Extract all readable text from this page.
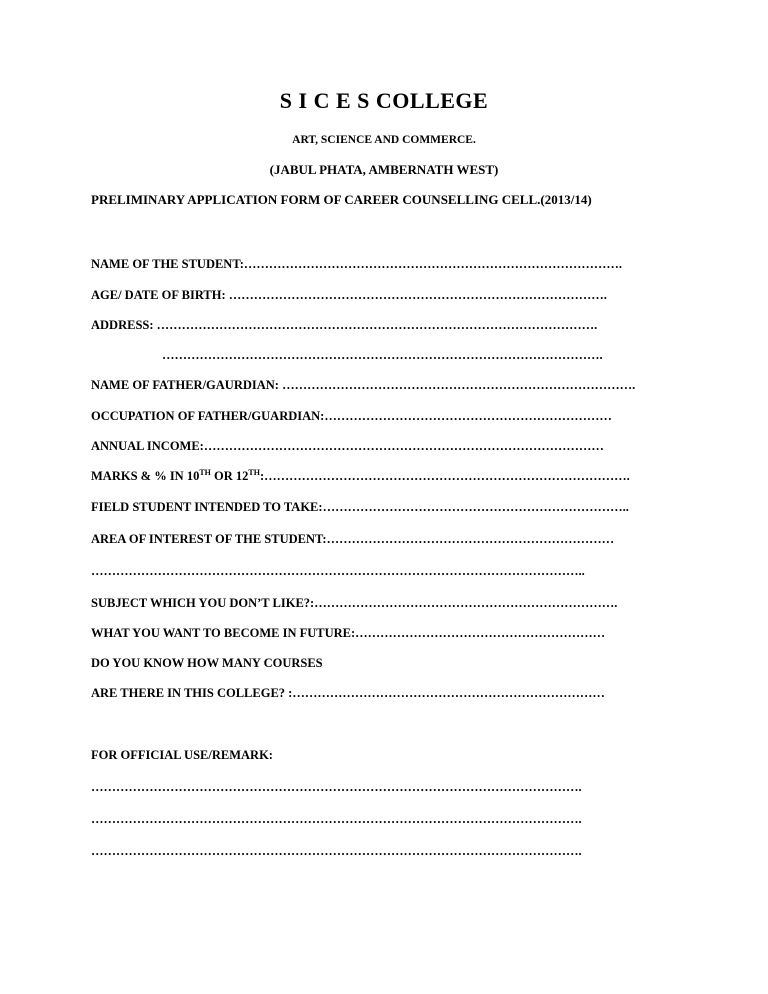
S I C E S COLLEGE
ART, SCIENCE AND COMMERCE.
(JABUL PHATA, AMBERNATH WEST)
PRELIMINARY APPLICATION FORM OF CAREER COUNSELLING CELL.(2013/14)
NAME OF THE STUDENT:……………………………………………………………………………….
AGE/ DATE OF BIRTH: ……………………………………………………………………………….
ADDRESS: …………………………………………………………………………………………….
…………………………………………………………………………………………….
NAME OF FATHER/GAURDIAN: ………………………………………………………………………….
OCCUPATION OF FATHER/GUARDIAN:……………………………………………………………
ANNUAL INCOME:……………………………………………………………………………………
MARKS & % IN 10TH OR 12TH:…………………………………………………………………………….
FIELD STUDENT INTENDED TO TAKE:………………………………………………………………..
AREA OF INTEREST OF THE STUDENT:……………………………………………………………
………………………………………………………………………………………………………..
SUBJECT WHICH YOU DON’T LIKE?:……………………………………………………………….
WHAT YOU WANT TO BECOME IN FUTURE:……………………………………………………
DO YOU KNOW HOW MANY COURSES
ARE THERE IN THIS COLLEGE? :…………………………………………………………………
FOR OFFICIAL USE/REMARK:
……………………………………………………………………………………………………….
……………………………………………………………………………………………………….
……………………………………………………………………………………………………….
